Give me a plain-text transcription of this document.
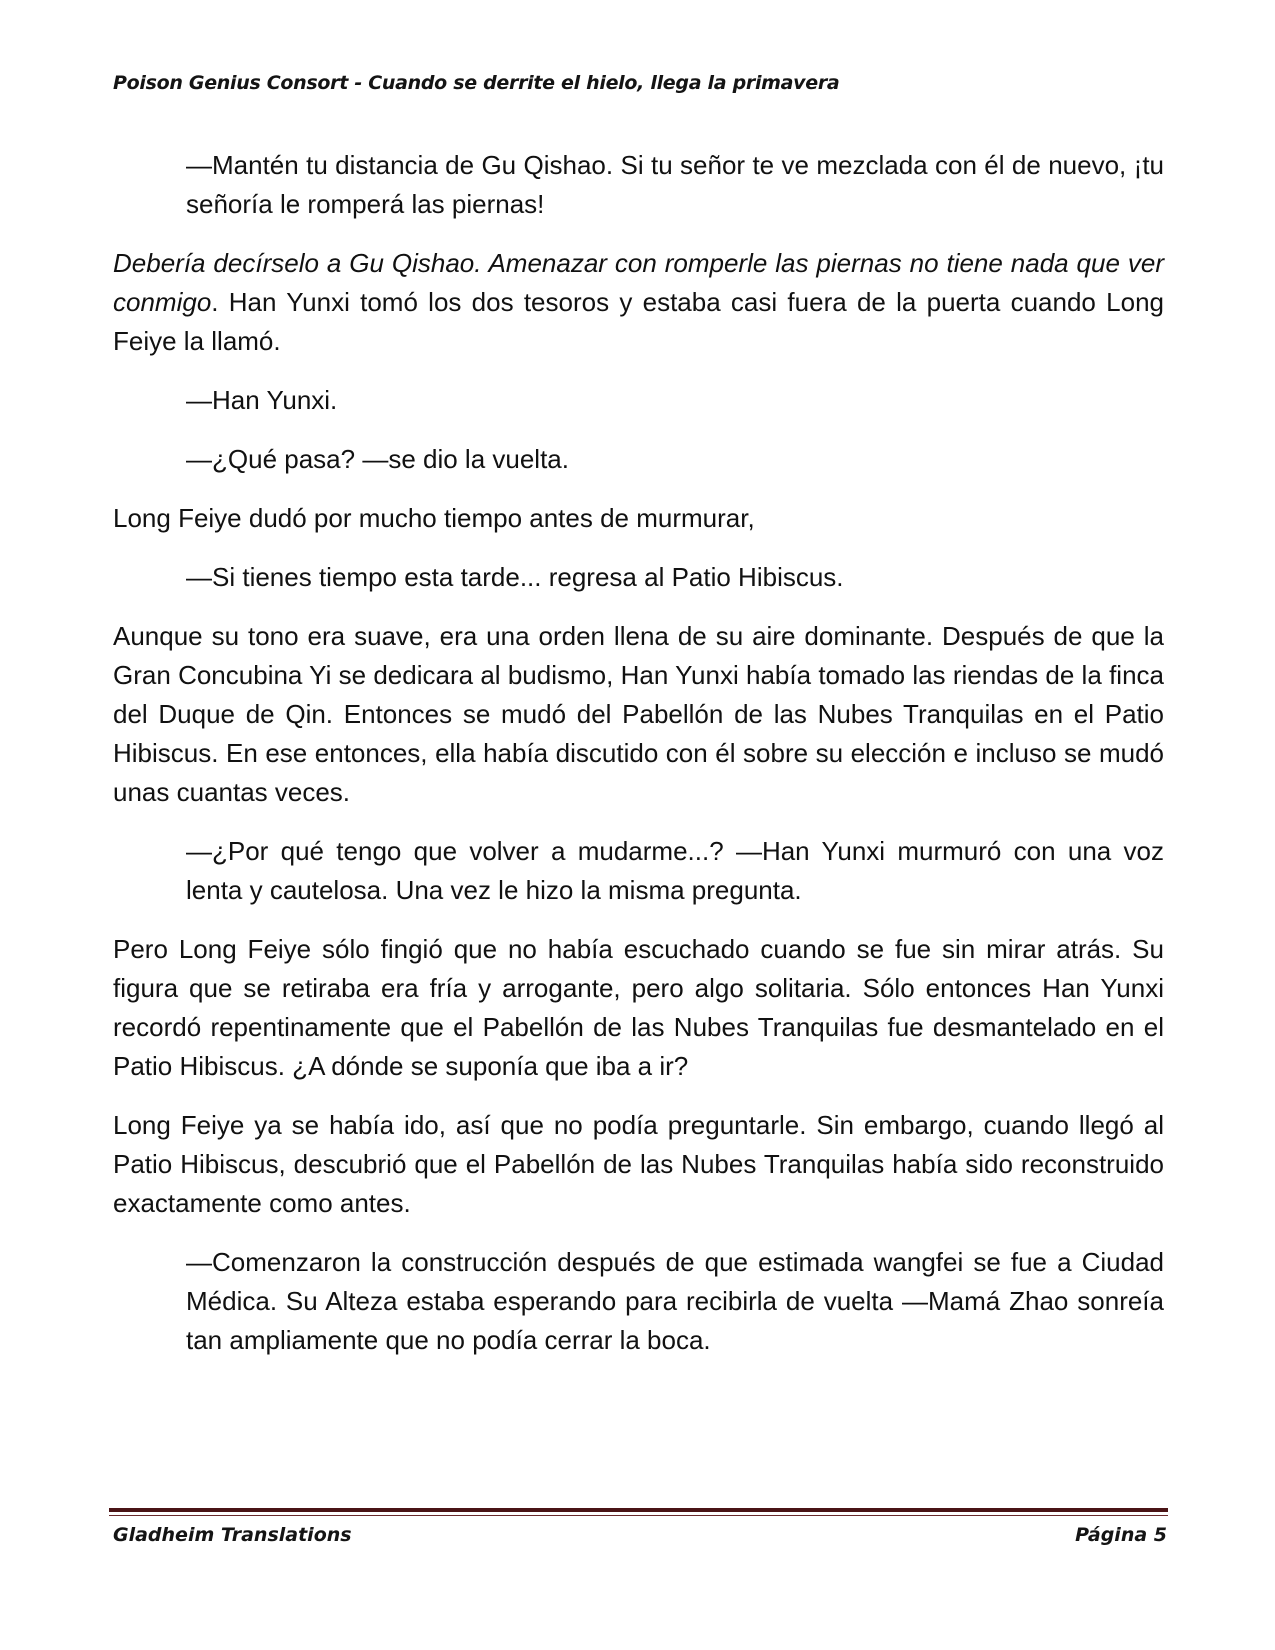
Poison Genius Consort - Cuando se derrite el hielo, llega la primavera

—Mantén tu distancia de Gu Qishao. Si tu señor te ve mezclada con él de nuevo, ¡tu señoría le romperá las piernas!

Debería decírselo a Gu Qishao. Amenazar con romperle las piernas no tiene nada que ver conmigo. Han Yunxi tomó los dos tesoros y estaba casi fuera de la puerta cuando Long Feiye la llamó.

—Han Yunxi.

—¿Qué pasa? —se dio la vuelta.

Long Feiye dudó por mucho tiempo antes de murmurar,

—Si tienes tiempo esta tarde... regresa al Patio Hibiscus.

Aunque su tono era suave, era una orden llena de su aire dominante. Después de que la Gran Concubina Yi se dedicara al budismo, Han Yunxi había tomado las riendas de la finca del Duque de Qin. Entonces se mudó del Pabellón de las Nubes Tranquilas en el Patio Hibiscus. En ese entonces, ella había discutido con él sobre su elección e incluso se mudó unas cuantas veces.

—¿Por qué tengo que volver a mudarme...? —Han Yunxi murmuró con una voz lenta y cautelosa. Una vez le hizo la misma pregunta.

Pero Long Feiye sólo fingió que no había escuchado cuando se fue sin mirar atrás. Su figura que se retiraba era fría y arrogante, pero algo solitaria. Sólo entonces Han Yunxi recordó repentinamente que el Pabellón de las Nubes Tranquilas fue desmantelado en el Patio Hibiscus. ¿A dónde se suponía que iba a ir?

Long Feiye ya se había ido, así que no podía preguntarle. Sin embargo, cuando llegó al Patio Hibiscus, descubrió que el Pabellón de las Nubes Tranquilas había sido reconstruido exactamente como antes.

—Comenzaron la construcción después de que estimada wangfei se fue a Ciudad Médica. Su Alteza estaba esperando para recibirla de vuelta —Mamá Zhao sonreía tan ampliamente que no podía cerrar la boca.

Gladheim Translations	Página 5
